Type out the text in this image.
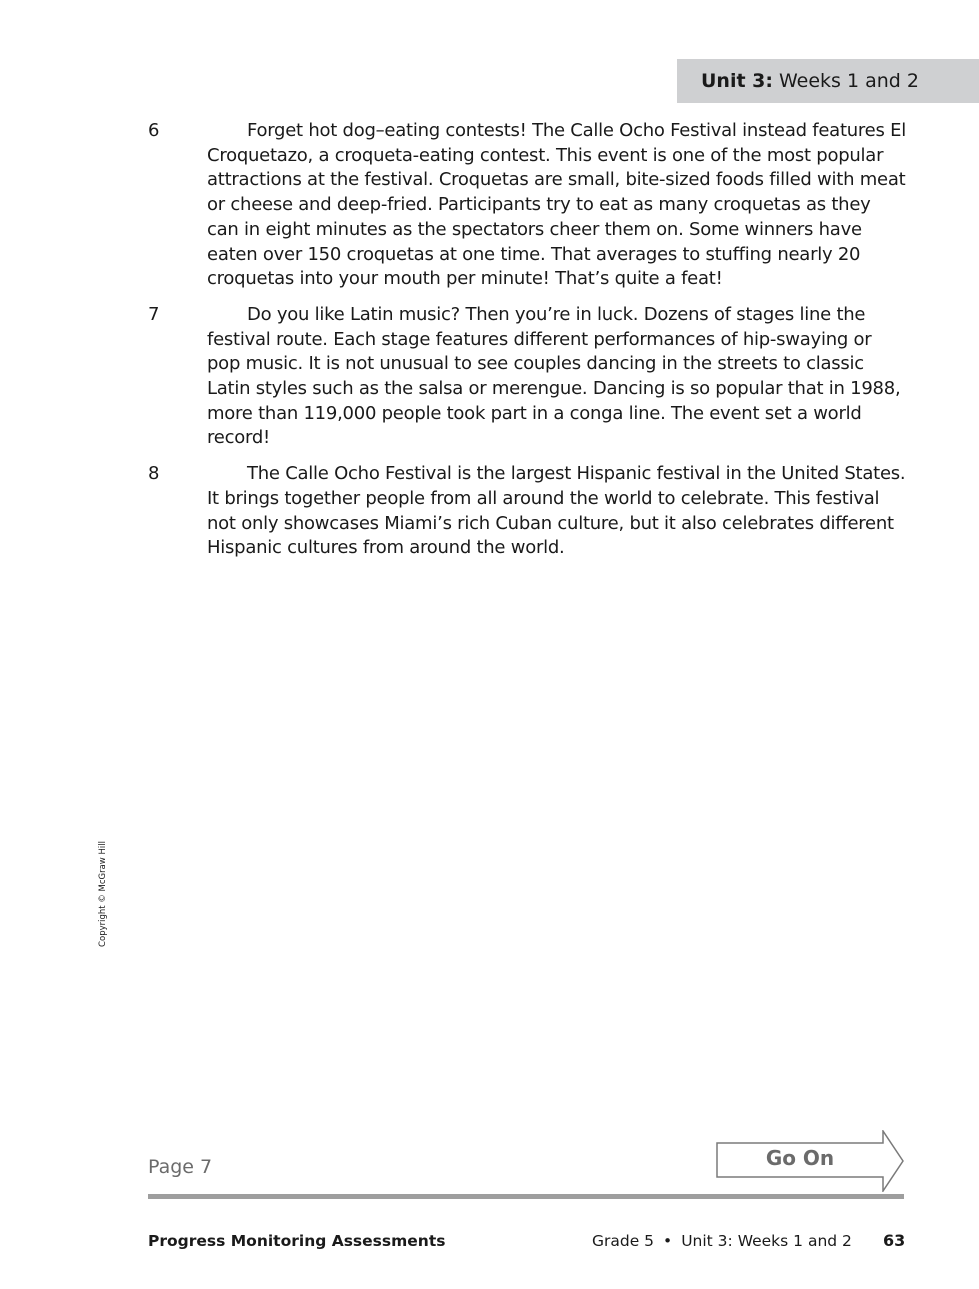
Unit 3: Weeks 1 and 2
6	Forget hot dog–eating contests! The Calle Ocho Festival instead features El Croquetazo, a croqueta-eating contest. This event is one of the most popular attractions at the festival. Croquetas are small, bite-sized foods filled with meat or cheese and deep-fried. Participants try to eat as many croquetas as they can in eight minutes as the spectators cheer them on. Some winners have eaten over 150 croquetas at one time. That averages to stuffing nearly 20 croquetas into your mouth per minute! That’s quite a feat!
7	Do you like Latin music? Then you’re in luck. Dozens of stages line the festival route. Each stage features different performances of hip-swaying or pop music. It is not unusual to see couples dancing in the streets to classic Latin styles such as the salsa or merengue. Dancing is so popular that in 1988, more than 119,000 people took part in a conga line. The event set a world record!
8	The Calle Ocho Festival is the largest Hispanic festival in the United States. It brings together people from all around the world to celebrate. This festival not only showcases Miami’s rich Cuban culture, but it also celebrates different Hispanic cultures from around the world.
Copyright © McGraw Hill
Page 7	Go On
Progress Monitoring Assessments	Grade 5 • Unit 3: Weeks 1 and 2 63
